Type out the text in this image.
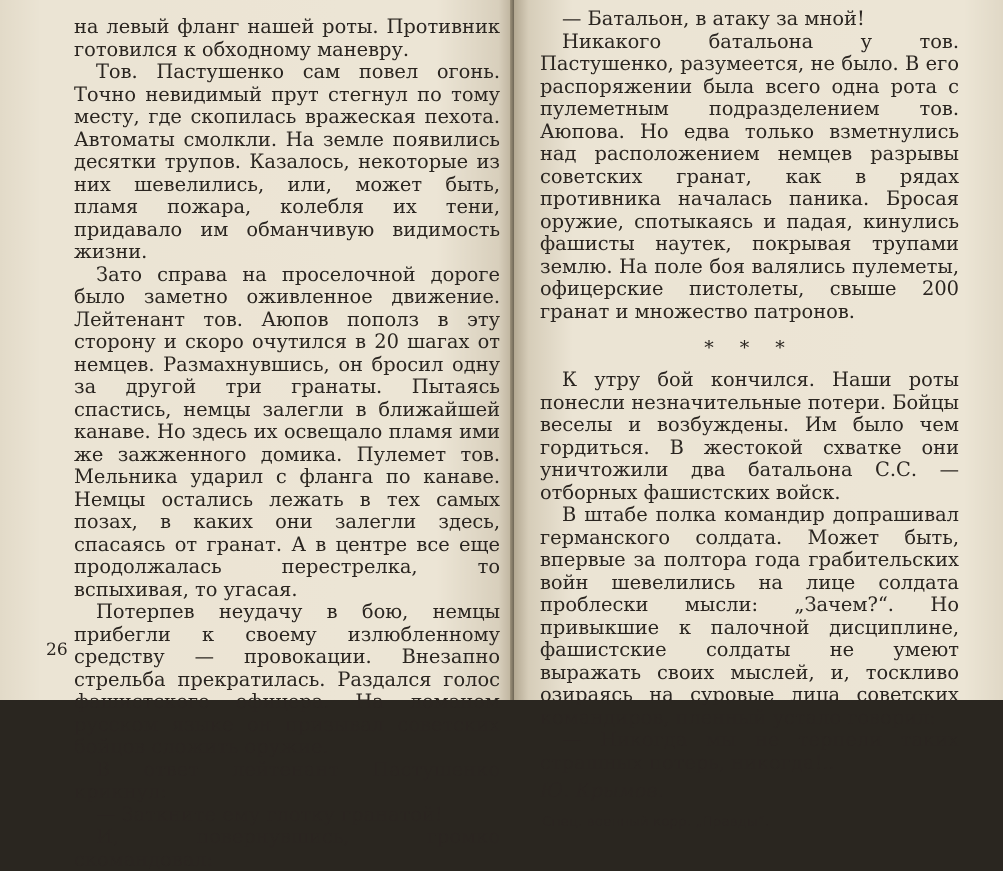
на левый фланг нашей роты. Противник готовился к обходному маневру.

Тов. Пастушенко сам повел огонь. Точно невидимый прут стегнул по тому месту, где скопилась вражеская пехота. Автоматы смолкли. На земле появились десятки трупов. Казалось, некоторые из них шевелились, или, может быть, пламя пожара, колебля их тени, придавало им обманчивую видимость жизни.

Зато справа на проселочной дороге было заметно оживленное движение. Лейтенант тов. Аюпов пополз в эту сторону и скоро очутился в 20 шагах от немцев. Размахнувшись, он бросил одну за другой три гранаты. Пытаясь спастись, немцы залегли в ближайшей канаве. Но здесь их освещало пламя ими же зажженного домика. Пулемет тов. Мельника ударил с фланга по канаве. Немцы остались лежать в тех самых позах, в каких они залегли здесь, спасаясь от гранат. А в центре все еще продолжалась перестрелка, то вспыхивая, то угасая.

Потерпев неудачу в бою, немцы прибегли к своему излюбленному средству — провокации. Внезапно стрельба прекратилась. Раздался голос фашистского офицера. На ломаном русском языке он призывал советских бойцов сложить оружие.

В ответ лейтенант Пастушенко крикнул:

— Заткните ему глотку гранатой!

И, повернувшись, громко скомандовал:

26

— Батальон, в атаку за мной!

Никакого батальона у тов. Пастушенко, разумеется, не было. В его распоряжении была всего одна рота с пулеметным подразделением тов. Аюпова. Но едва только взметнулись над расположением немцев разрывы советских гранат, как в рядах противника началась паника. Бросая оружие, спотыкаясь и падая, кинулись фашисты наутек, покрывая трупами землю. На поле боя валялись пулеметы, офицерские пистолеты, свыше 200 гранат и множество патронов.

* * *

К утру бой кончился. Наши роты понесли незначительные потери. Бойцы веселы и возбуждены. Им было чем гордиться. В жестокой схватке они уничтожили два батальона С.С. — отборных фашистских войск.

В штабе полка командир допрашивал германского солдата. Может быть, впервые за полтора года грабительских войн шевелились на лице солдата проблески мысли: „Зачем?“. Но привыкшие к палочной дисциплине, фашистские солдаты не умеют выражать своих мыслей, и, тоскливо озираясь на суровые лица советских командиров, пленный устало говорил:

— Никогда мы не терпели таких страшных потерь, никогда!..

Ю. Крымов.

Спец. военный корр. „Правды“.
